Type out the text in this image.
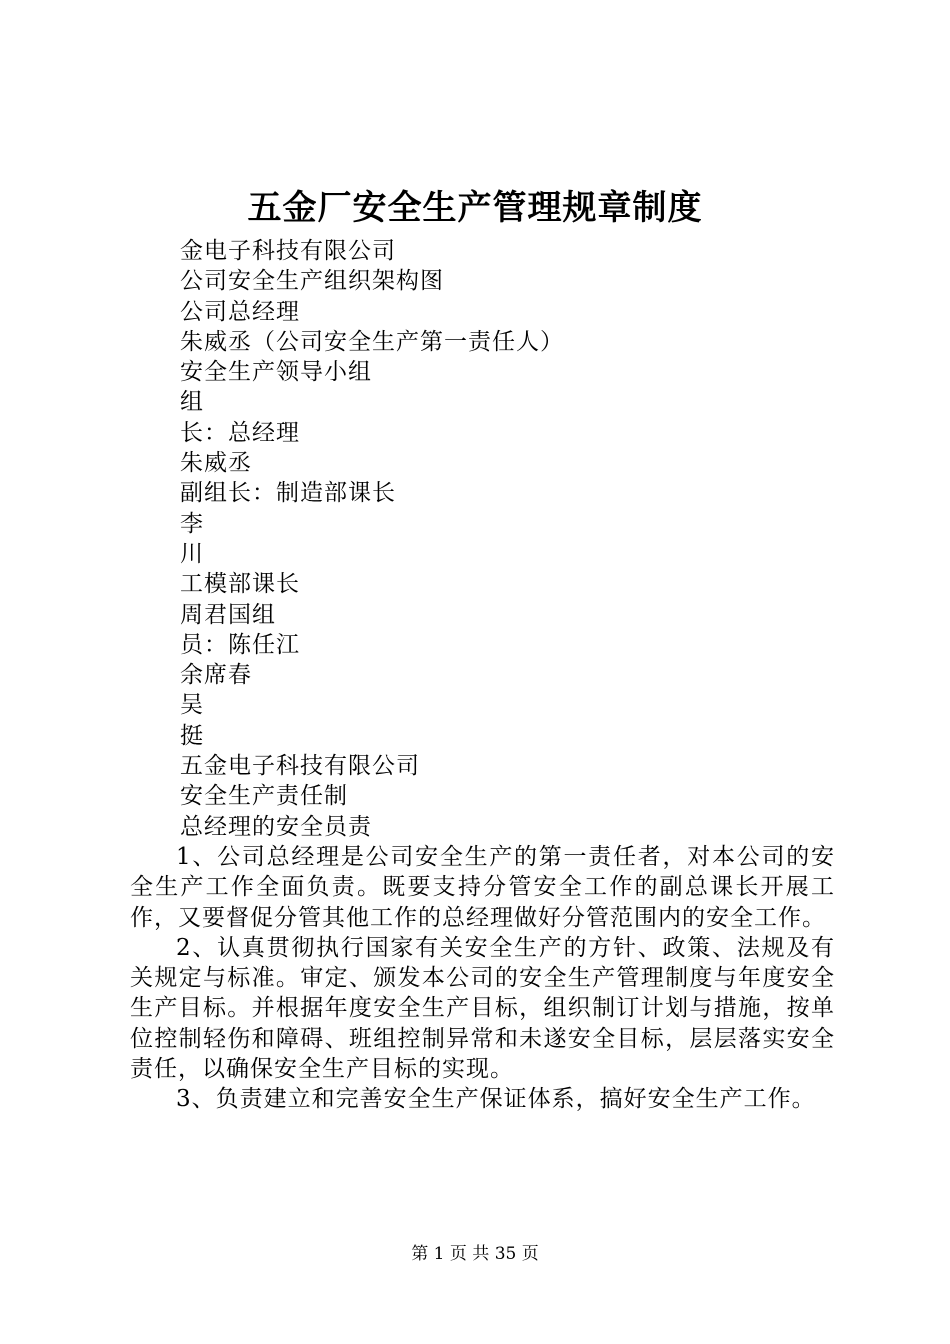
五金厂安全生产管理规章制度
金电子科技有限公司
公司安全生产组织架构图
公司总经理
朱威丞（公司安全生产第一责任人）
安全生产领导小组
组
长：总经理
朱威丞
副组长：制造部课长
李
川
工模部课长
周君国组
员：陈任江
余席春
吴
挺
五金电子科技有限公司
安全生产责任制
总经理的安全员责

1、公司总经理是公司安全生产的第一责任者，对本公司的安全生产工作全面负责。既要支持分管安全工作的副总课长开展工作，又要督促分管其他工作的总经理做好分管范围内的安全工作。

2、认真贯彻执行国家有关安全生产的方针、政策、法规及有关规定与标准。审定、颁发本公司的安全生产管理制度与年度安全生产目标。并根据年度安全生产目标，组织制订计划与措施，按单位控制轻伤和障碍、班组控制异常和未遂安全目标，层层落实安全责任，以确保安全生产目标的实现。

3、负责建立和完善安全生产保证体系，搞好安全生产工作。

第 1 页 共 35 页
